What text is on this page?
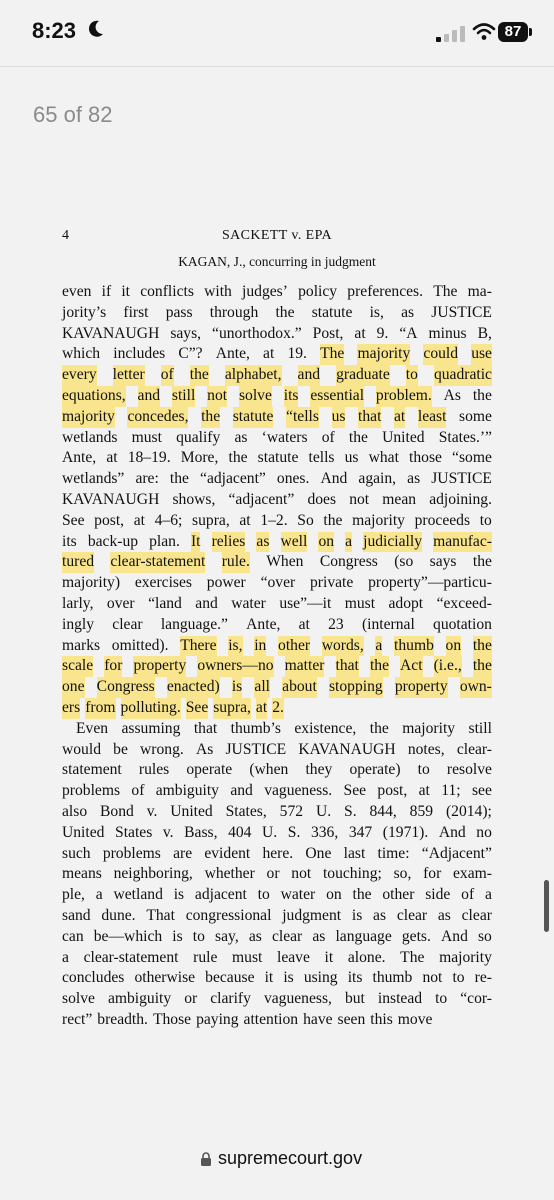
8:23	87
65 of 82
4	SACKETT v. EPA
KAGAN, J., concurring in judgment
even if it conflicts with judges’ policy preferences. The ma-
jority’s first pass through the statute is, as JUSTICE
KAVANAUGH says, “unorthodox.” Post, at 9. “A minus B,
which includes C”? Ante, at 19. The majority could use
every letter of the alphabet, and graduate to quadratic
equations, and still not solve its essential problem. As the
majority concedes, the statute “tells us that at least some
wetlands must qualify as ‘waters of the United States.’”
Ante, at 18–19. More, the statute tells us what those “some
wetlands” are: the “adjacent” ones. And again, as JUSTICE
KAVANAUGH shows, “adjacent” does not mean adjoining.
See post, at 4–6; supra, at 1–2. So the majority proceeds to
its back-up plan. It relies as well on a judicially manufac-
tured clear-statement rule. When Congress (so says the
majority) exercises power “over private property”—particu-
larly, over “land and water use”—it must adopt “exceed-
ingly clear language.” Ante, at 23 (internal quotation
marks omitted). There is, in other words, a thumb on the
scale for property owners—no matter that the Act (i.e., the
one Congress enacted) is all about stopping property own-
ers from polluting. See supra, at 2.
Even assuming that thumb’s existence, the majority still
would be wrong. As JUSTICE KAVANAUGH notes, clear-
statement rules operate (when they operate) to resolve
problems of ambiguity and vagueness. See post, at 11; see
also Bond v. United States, 572 U. S. 844, 859 (2014);
United States v. Bass, 404 U. S. 336, 347 (1971). And no
such problems are evident here. One last time: “Adjacent”
means neighboring, whether or not touching; so, for exam-
ple, a wetland is adjacent to water on the other side of a
sand dune. That congressional judgment is as clear as clear
can be—which is to say, as clear as language gets. And so
a clear-statement rule must leave it alone. The majority
concludes otherwise because it is using its thumb not to re-
solve ambiguity or clarify vagueness, but instead to “cor-
rect” breadth. Those paying attention have seen this move
supremecourt.gov
